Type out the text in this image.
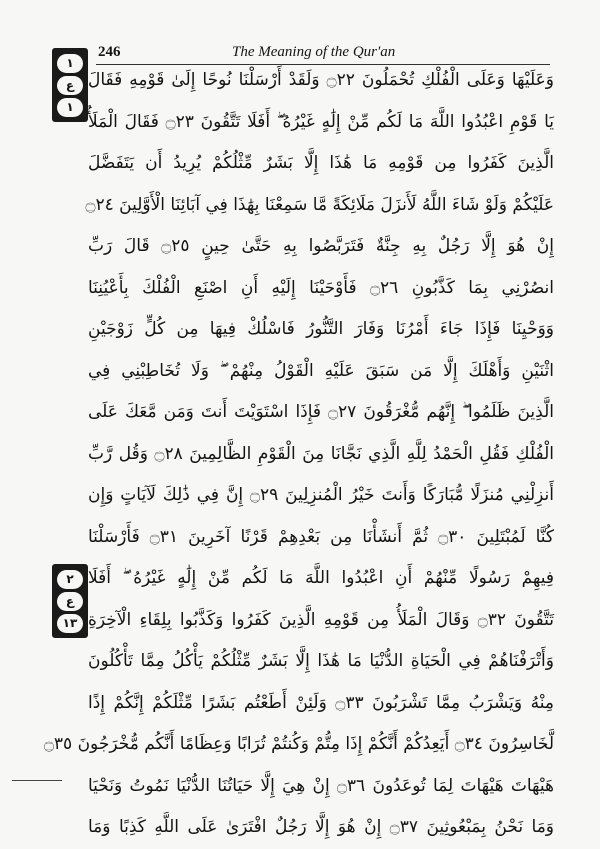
246	The Meaning of the Qur'an
١
ع
١
٢
ع
١٣
وَعَلَيْهَا وَعَلَى الْفُلْكِ تُحْمَلُونَ ۝٢٢ وَلَقَدْ أَرْسَلْنَا نُوحًا إِلَىٰ قَوْمِهِ فَقَالَ
يَا قَوْمِ اعْبُدُوا اللَّهَ مَا لَكُم مِّنْ إِلَٰهٍ غَيْرُهُ ۖ أَفَلَا تَتَّقُونَ ۝٢٣ فَقَالَ الْمَلَأُ
الَّذِينَ كَفَرُوا مِن قَوْمِهِ مَا هَٰذَا إِلَّا بَشَرٌ مِّثْلُكُمْ يُرِيدُ أَن يَتَفَضَّلَ
عَلَيْكُمْ وَلَوْ شَاءَ اللَّهُ لَأَنزَلَ مَلَائِكَةً مَّا سَمِعْنَا بِهَٰذَا فِي آبَائِنَا الْأَوَّلِينَ ۝٢٤
إِنْ هُوَ إِلَّا رَجُلٌ بِهِ جِنَّةٌ فَتَرَبَّصُوا بِهِ حَتَّىٰ حِينٍ ۝٢٥ قَالَ رَبِّ
انصُرْنِي بِمَا كَذَّبُونِ ۝٢٦ فَأَوْحَيْنَا إِلَيْهِ أَنِ اصْنَعِ الْفُلْكَ بِأَعْيُنِنَا
وَوَحْيِنَا فَإِذَا جَاءَ أَمْرُنَا وَفَارَ التَّنُّورُ فَاسْلُكْ فِيهَا مِن كُلٍّ زَوْجَيْنِ
اثْنَيْنِ وَأَهْلَكَ إِلَّا مَن سَبَقَ عَلَيْهِ الْقَوْلُ مِنْهُمْ ۖ وَلَا تُخَاطِبْنِي فِي
الَّذِينَ ظَلَمُوا ۖ إِنَّهُم مُّغْرَقُونَ ۝٢٧ فَإِذَا اسْتَوَيْتَ أَنتَ وَمَن مَّعَكَ عَلَى
الْفُلْكِ فَقُلِ الْحَمْدُ لِلَّهِ الَّذِي نَجَّانَا مِنَ الْقَوْمِ الظَّالِمِينَ ۝٢٨ وَقُل رَّبِّ
أَنزِلْنِي مُنزَلًا مُّبَارَكًا وَأَنتَ خَيْرُ الْمُنزِلِينَ ۝٢٩ إِنَّ فِي ذَٰلِكَ لَآيَاتٍ وَإِن
كُنَّا لَمُبْتَلِينَ ۝٣٠ ثُمَّ أَنشَأْنَا مِن بَعْدِهِمْ قَرْنًا آخَرِينَ ۝٣١ فَأَرْسَلْنَا
فِيهِمْ رَسُولًا مِّنْهُمْ أَنِ اعْبُدُوا اللَّهَ مَا لَكُم مِّنْ إِلَٰهٍ غَيْرُهُ ۖ أَفَلَا
تَتَّقُونَ ۝٣٢ وَقَالَ الْمَلَأُ مِن قَوْمِهِ الَّذِينَ كَفَرُوا وَكَذَّبُوا بِلِقَاءِ الْآخِرَةِ
وَأَتْرَفْنَاهُمْ فِي الْحَيَاةِ الدُّنْيَا مَا هَٰذَا إِلَّا بَشَرٌ مِّثْلُكُمْ يَأْكُلُ مِمَّا تَأْكُلُونَ
مِنْهُ وَيَشْرَبُ مِمَّا تَشْرَبُونَ ۝٣٣ وَلَئِنْ أَطَعْتُم بَشَرًا مِّثْلَكُمْ إِنَّكُمْ إِذًا
لَّخَاسِرُونَ ۝٣٤ أَيَعِدُكُمْ أَنَّكُمْ إِذَا مِتُّمْ وَكُنتُمْ تُرَابًا وَعِظَامًا أَنَّكُم مُّخْرَجُونَ ۝٣٥
هَيْهَاتَ هَيْهَاتَ لِمَا تُوعَدُونَ ۝٣٦ إِنْ هِيَ إِلَّا حَيَاتُنَا الدُّنْيَا نَمُوتُ وَنَحْيَا
وَمَا نَحْنُ بِمَبْعُوثِينَ ۝٣٧ إِنْ هُوَ إِلَّا رَجُلٌ افْتَرَىٰ عَلَى اللَّهِ كَذِبًا وَمَا
